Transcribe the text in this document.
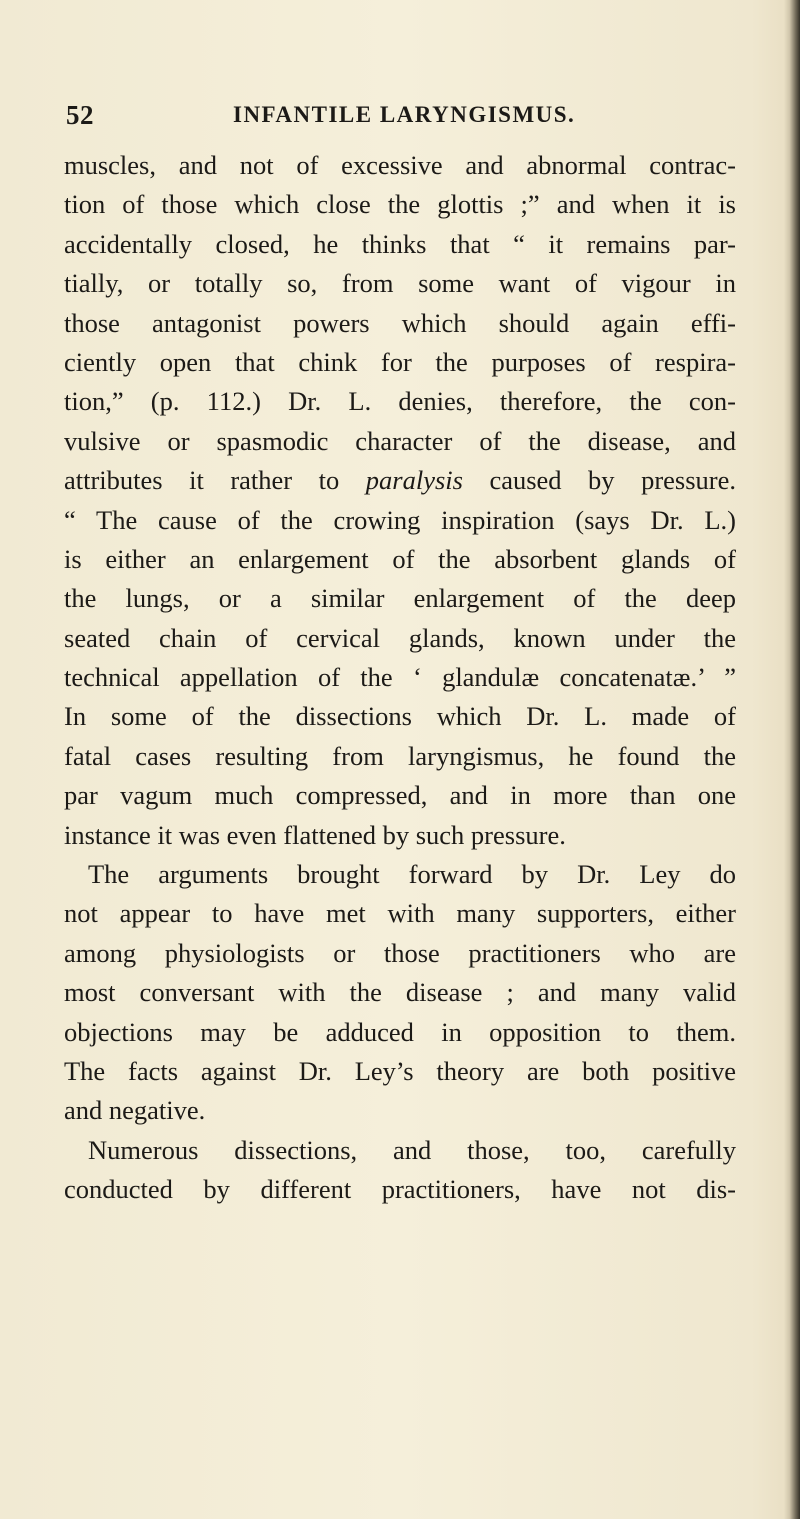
52	INFANTILE LARYNGISMUS.
muscles, and not of excessive and abnormal contrac-
tion of those which close the glottis ;” and when it is
accidentally closed, he thinks that “ it remains par-
tially, or totally so, from some want of vigour in
those antagonist powers which should again effi-
ciently open that chink for the purposes of respira-
tion,” (p. 112.) Dr. L. denies, therefore, the con-
vulsive or spasmodic character of the disease, and
attributes it rather to paralysis caused by pressure.
“ The cause of the crowing inspiration (says Dr. L.)
is either an enlargement of the absorbent glands of
the lungs, or a similar enlargement of the deep
seated chain of cervical glands, known under the
technical appellation of the ‘ glandulæ concatenatæ.’ ”
In some of the dissections which Dr. L. made of
fatal cases resulting from laryngismus, he found the
par vagum much compressed, and in more than one
instance it was even flattened by such pressure.
The arguments brought forward by Dr. Ley do
not appear to have met with many supporters, either
among physiologists or those practitioners who are
most conversant with the disease ; and many valid
objections may be adduced in opposition to them.
The facts against Dr. Ley’s theory are both positive
and negative.
Numerous dissections, and those, too, carefully
conducted by different practitioners, have not dis-
